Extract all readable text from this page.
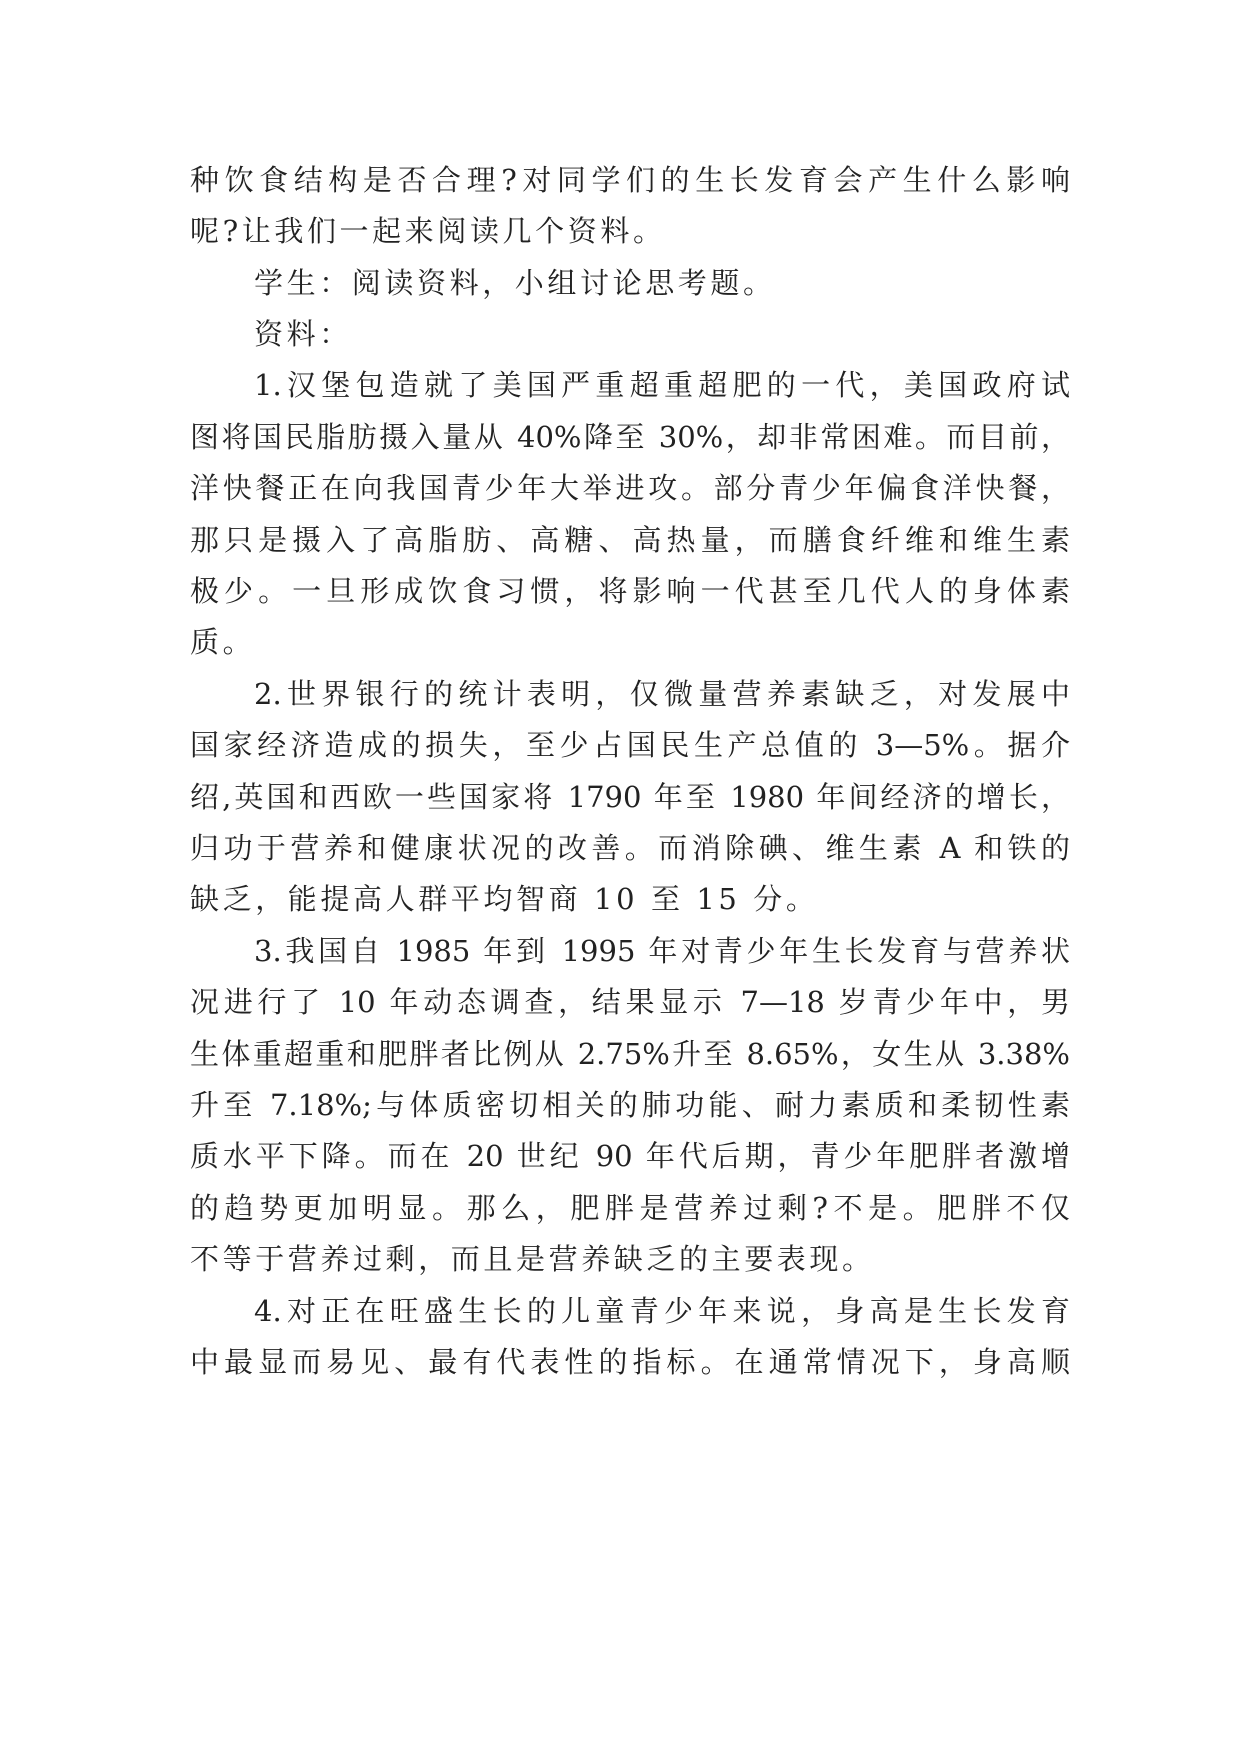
种饮食结构是否合理?对同学们的生长发育会产生什么影响
呢?让我们一起来阅读几个资料。
学生：阅读资料，小组讨论思考题。
资料：
1.汉堡包造就了美国严重超重超肥的一代，美国政府试
图将国民脂肪摄入量从 40%降至 30%，却非常困难。而目前，
洋快餐正在向我国青少年大举进攻。部分青少年偏食洋快餐，
那只是摄入了高脂肪、高糖、高热量，而膳食纤维和维生素
极少。一旦形成饮食习惯，将影响一代甚至几代人的身体素
质。
2.世界银行的统计表明，仅微量营养素缺乏，对发展中
国家经济造成的损失，至少占国民生产总值的 3—5%。据介
绍,英国和西欧一些国家将 1790 年至 1980 年间经济的增长，
归功于营养和健康状况的改善。而消除碘、维生素 A 和铁的
缺乏，能提高人群平均智商 10 至 15 分。
3.我国自 1985 年到 1995 年对青少年生长发育与营养状
况进行了 10 年动态调查，结果显示 7—18 岁青少年中，男
生体重超重和肥胖者比例从 2.75%升至 8.65%，女生从 3.38%
升至 7.18%;与体质密切相关的肺功能、耐力素质和柔韧性素
质水平下降。而在 20 世纪 90 年代后期，青少年肥胖者激增
的趋势更加明显。那么，肥胖是营养过剩?不是。肥胖不仅
不等于营养过剩，而且是营养缺乏的主要表现。
4.对正在旺盛生长的儿童青少年来说，身高是生长发育
中最显而易见、最有代表性的指标。在通常情况下，身高顺
